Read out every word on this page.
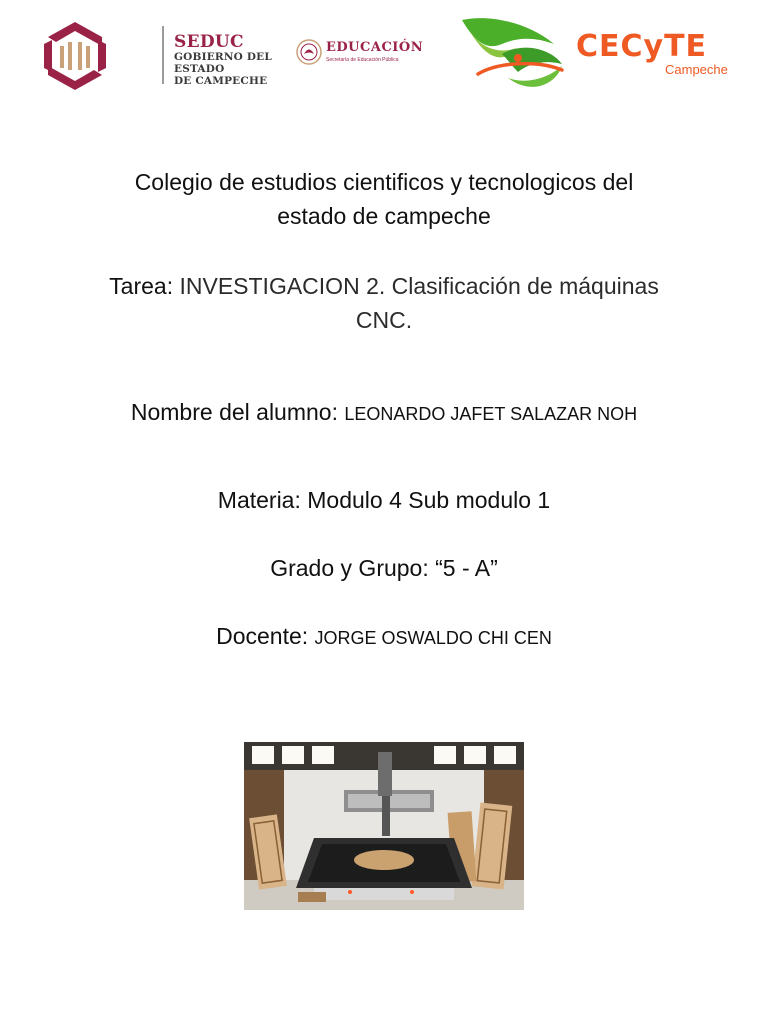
SEDUC
GOBIERNO DEL ESTADO
DE CAMPECHE
EDUCACIÓN
Secretaría de Educación Pública	CECyTE
Campeche
Colegio de estudios cientificos y tecnologicos del
estado de campeche
Tarea: INVESTIGACION 2. Clasificación de máquinas
CNC.
Nombre del alumno: LEONARDO JAFET SALAZAR NOH
Materia: Modulo 4 Sub modulo 1
Grado y Grupo: “5 - A”
Docente: JORGE OSWALDO CHI CEN
